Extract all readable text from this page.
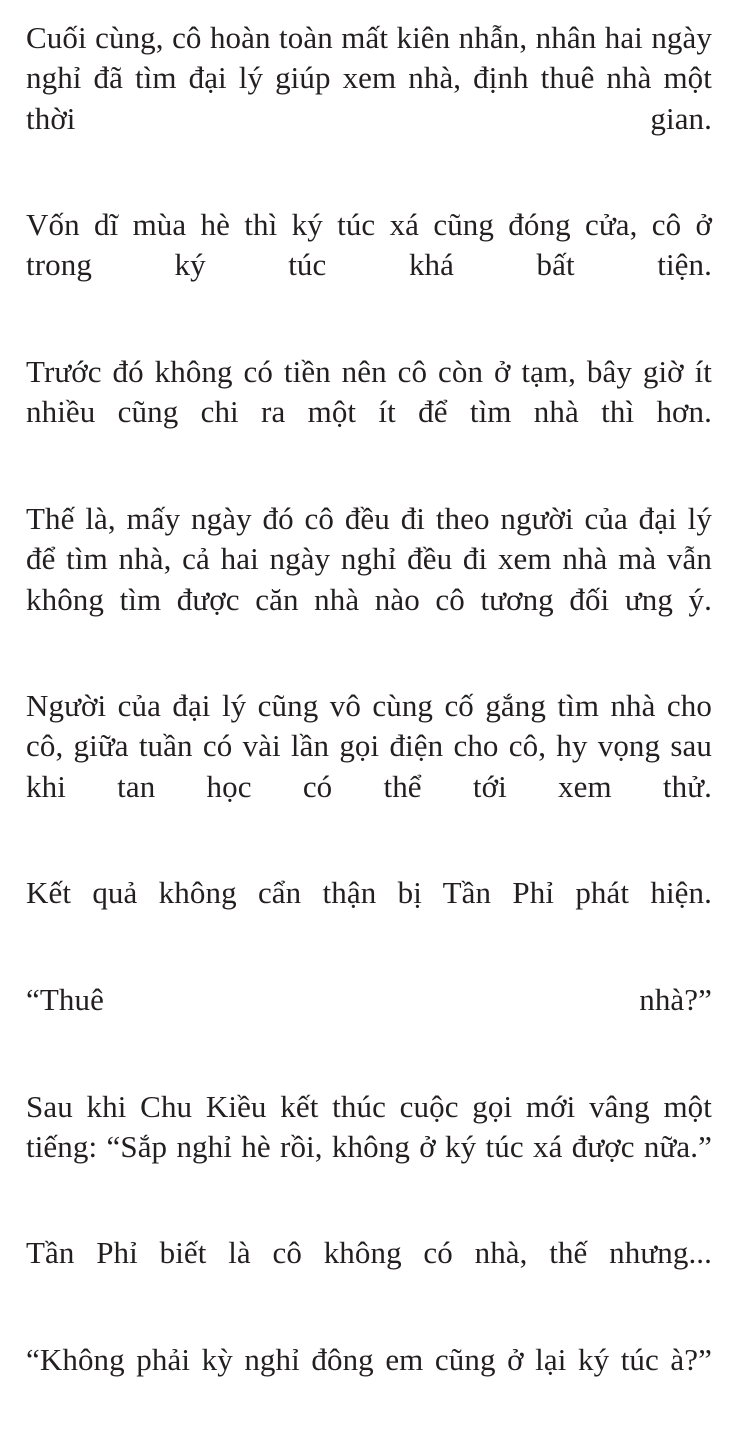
Cuối cùng, cô hoàn toàn mất kiên nhẫn, nhân hai ngày nghỉ đã tìm đại lý giúp xem nhà, định thuê nhà một thời gian.

Vốn dĩ mùa hè thì ký túc xá cũng đóng cửa, cô ở trong ký túc khá bất tiện.

Trước đó không có tiền nên cô còn ở tạm, bây giờ ít nhiều cũng chi ra một ít để tìm nhà thì hơn.

Thế là, mấy ngày đó cô đều đi theo người của đại lý để tìm nhà, cả hai ngày nghỉ đều đi xem nhà mà vẫn không tìm được căn nhà nào cô tương đối ưng ý.

Người của đại lý cũng vô cùng cố gắng tìm nhà cho cô, giữa tuần có vài lần gọi điện cho cô, hy vọng sau khi tan học có thể tới xem thử.

Kết quả không cẩn thận bị Tần Phỉ phát hiện.

“Thuê nhà?”

Sau khi Chu Kiều kết thúc cuộc gọi mới vâng một tiếng: “Sắp nghỉ hè rồi, không ở ký túc xá được nữa.”

Tần Phỉ biết là cô không có nhà, thế nhưng...

“Không phải kỳ nghỉ đông em cũng ở lại ký túc à?”
